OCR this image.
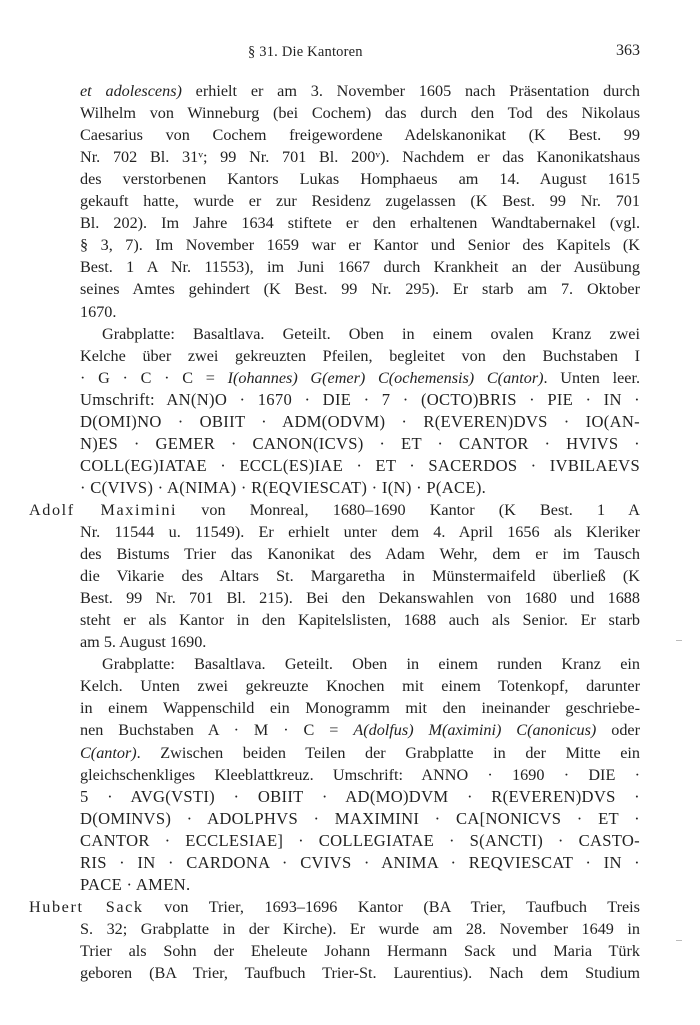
§ 31. Die Kantoren	363
et adolescens) erhielt er am 3. November 1605 nach Präsentation durch
Wilhelm von Winneburg (bei Cochem) das durch den Tod des Nikolaus
Caesarius von Cochem freigewordene Adelskanonikat (K Best. 99
Nr. 702 Bl. 31ᵛ; 99 Nr. 701 Bl. 200ᵛ). Nachdem er das Kanonikatshaus
des verstorbenen Kantors Lukas Homphaeus am 14. August 1615
gekauft hatte, wurde er zur Residenz zugelassen (K Best. 99 Nr. 701
Bl. 202). Im Jahre 1634 stiftete er den erhaltenen Wandtabernakel (vgl.
§ 3, 7). Im November 1659 war er Kantor und Senior des Kapitels (K
Best. 1 A Nr. 11553), im Juni 1667 durch Krankheit an der Ausübung
seines Amtes gehindert (K Best. 99 Nr. 295). Er starb am 7. Oktober
1670.
Grabplatte: Basaltlava. Geteilt. Oben in einem ovalen Kranz zwei
Kelche über zwei gekreuzten Pfeilen, begleitet von den Buchstaben I
· G · C · C = I(ohannes) G(emer) C(ochemensis) C(antor). Unten leer.
Umschrift: AN(N)O · 1670 · DIE · 7 · (OCTO)BRIS · PIE · IN ·
D(OMI)NO · OBIIT · ADM(ODVM) · R(EVEREN)DVS · IO(AN-
N)ES · GEMER · CANON(ICVS) · ET · CANTOR · HVIVS ·
COLL(EG)IATAE · ECCL(ES)IAE · ET · SACERDOS · IVBILAEVS
· C(VIVS) · A(NIMA) · R(EQVIESCAT) · I(N) · P(ACE).
Adolf Maximini von Monreal, 1680–1690 Kantor (K Best. 1 A
Nr. 11544 u. 11549). Er erhielt unter dem 4. April 1656 als Kleriker
des Bistums Trier das Kanonikat des Adam Wehr, dem er im Tausch
die Vikarie des Altars St. Margaretha in Münstermaifeld überließ (K
Best. 99 Nr. 701 Bl. 215). Bei den Dekanswahlen von 1680 und 1688
steht er als Kantor in den Kapitelslisten, 1688 auch als Senior. Er starb
am 5. August 1690.
Grabplatte: Basaltlava. Geteilt. Oben in einem runden Kranz ein
Kelch. Unten zwei gekreuzte Knochen mit einem Totenkopf, darunter
in einem Wappenschild ein Monogramm mit den ineinander geschriebe-
nen Buchstaben A · M · C = A(dolfus) M(aximini) C(anonicus) oder
C(antor). Zwischen beiden Teilen der Grabplatte in der Mitte ein
gleichschenkliges Kleeblattkreuz. Umschrift: ANNO · 1690 · DIE ·
5 · AVG(VSTI) · OBIIT · AD(MO)DVM · R(EVEREN)DVS ·
D(OMINVS) · ADOLPHVS · MAXIMINI · CA[NONICVS · ET ·
CANTOR · ECCLESIAE] · COLLEGIATAE · S(ANCTI) · CASTO-
RIS · IN · CARDONA · CVIVS · ANIMA · REQVIESCAT · IN ·
PACE · AMEN.
Hubert Sack von Trier, 1693–1696 Kantor (BA Trier, Taufbuch Treis
S. 32; Grabplatte in der Kirche). Er wurde am 28. November 1649 in
Trier als Sohn der Eheleute Johann Hermann Sack und Maria Türk
geboren (BA Trier, Taufbuch Trier-St. Laurentius). Nach dem Studium
